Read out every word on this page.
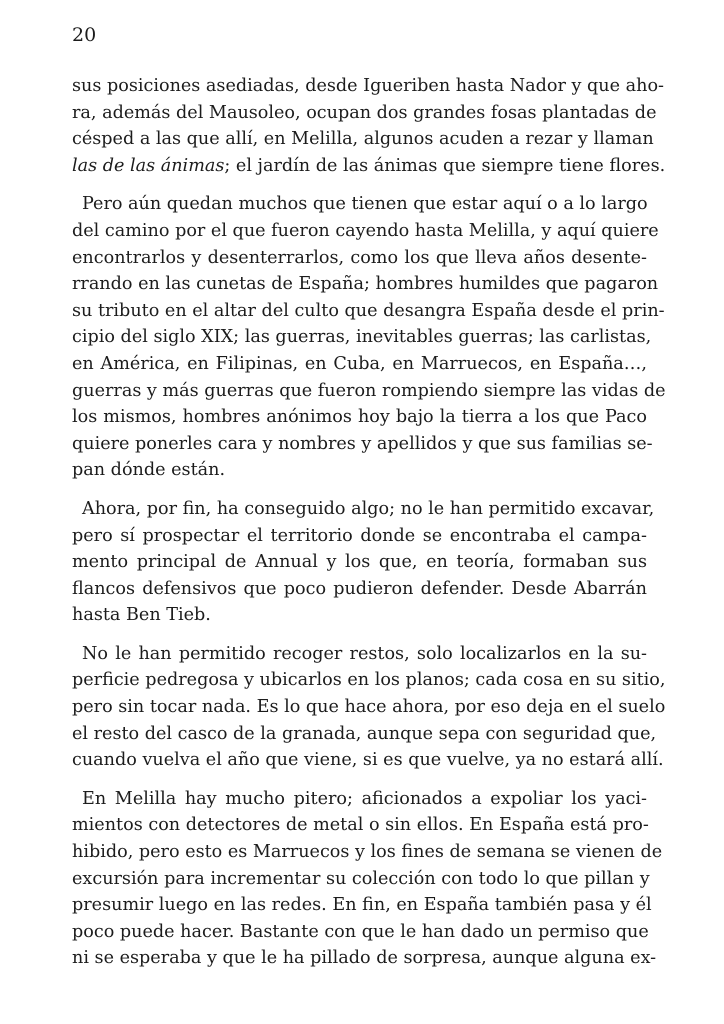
20

sus posiciones asediadas, desde Igueriben hasta Nador y que aho-
ra, además del Mausoleo, ocupan dos grandes fosas plantadas de
césped a las que allí, en Melilla, algunos acuden a rezar y llaman
las de las ánimas; el jardín de las ánimas que siempre tiene flores.

Pero aún quedan muchos que tienen que estar aquí o a lo largo
del camino por el que fueron cayendo hasta Melilla, y aquí quiere
encontrarlos y desenterrarlos, como los que lleva años desente-
rrando en las cunetas de España; hombres humildes que pagaron
su tributo en el altar del culto que desangra España desde el prin-
cipio del siglo XIX; las guerras, inevitables guerras; las carlistas,
en América, en Filipinas, en Cuba, en Marruecos, en España…,
guerras y más guerras que fueron rompiendo siempre las vidas de
los mismos, hombres anónimos hoy bajo la tierra a los que Paco
quiere ponerles cara y nombres y apellidos y que sus familias se-
pan dónde están.

Ahora, por fin, ha conseguido algo; no le han permitido excavar,
pero sí prospectar el territorio donde se encontraba el campa-
mento principal de Annual y los que, en teoría, formaban sus
flancos defensivos que poco pudieron defender. Desde Abarrán
hasta Ben Tieb.

No le han permitido recoger restos, solo localizarlos en la su-
perficie pedregosa y ubicarlos en los planos; cada cosa en su sitio,
pero sin tocar nada. Es lo que hace ahora, por eso deja en el suelo
el resto del casco de la granada, aunque sepa con seguridad que,
cuando vuelva el año que viene, si es que vuelve, ya no estará allí.

En Melilla hay mucho pitero; aficionados a expoliar los yaci-
mientos con detectores de metal o sin ellos. En España está pro-
hibido, pero esto es Marruecos y los fines de semana se vienen de
excursión para incrementar su colección con todo lo que pillan y
presumir luego en las redes. En fin, en España también pasa y él
poco puede hacer. Bastante con que le han dado un permiso que
ni se esperaba y que le ha pillado de sorpresa, aunque alguna ex-
